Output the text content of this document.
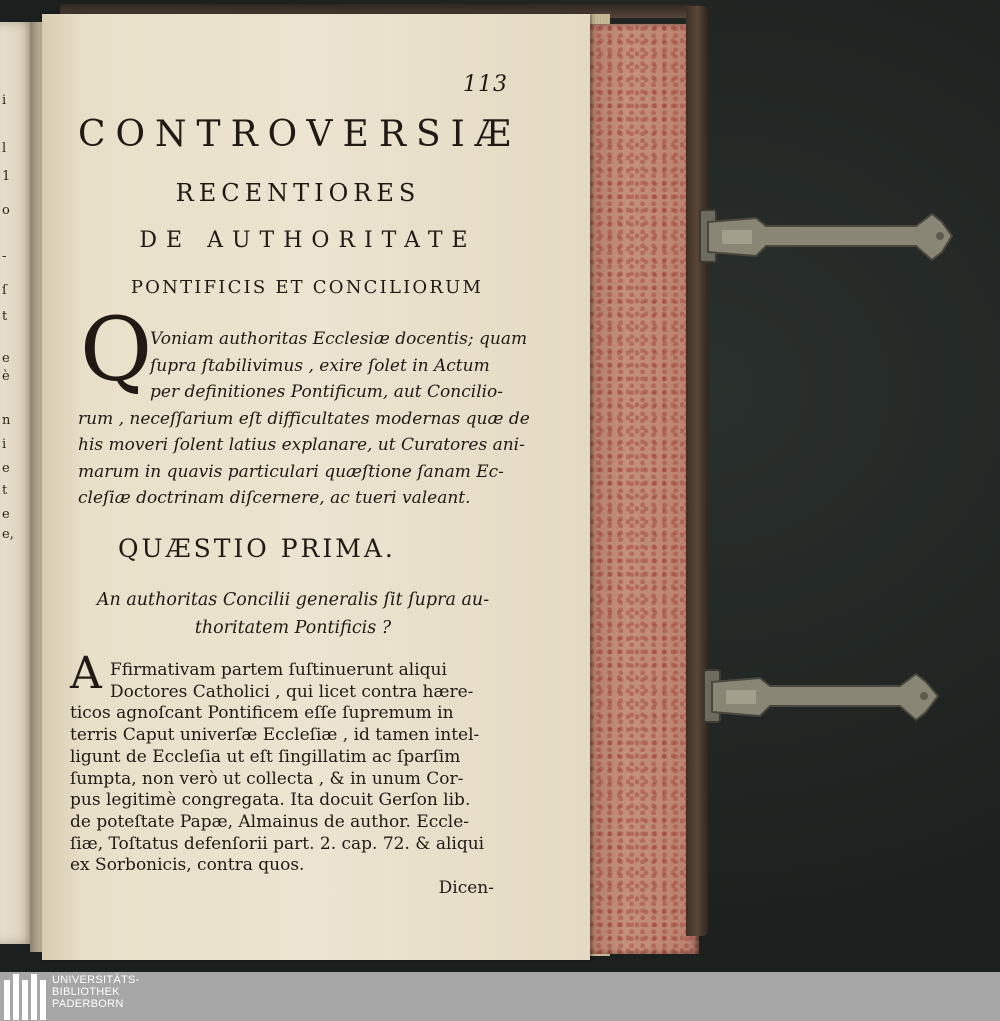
i
l
1
o
-
ſ
t
e
è
n
i
e
t
e
e,
113
CONTROVERSIÆ
RECENTIORES
DE AUTHORITATE
PONTIFICIS ET CONCILIORUM
Q
Voniam authoritas Ecclesiæ docentis; quam
ſupra ſtabilivimus , exire ſolet in Actum
per definitiones Pontificum, aut Concilio-
rum , neceſſarium eſt difficultates modernas quæ de
his moveri ſolent latius explanare, ut Curatores ani-
marum in quavis particulari quæſtione ſanam Ec-
cleſiæ doctrinam diſcernere, ac tueri valeant.
QUÆSTIO PRIMA.
An authoritas Concilii generalis ſit ſupra au-
thoritatem Pontificis ?
A Ffirmativam partem ſuſtinuerunt aliqui
Doctores Catholici , qui licet contra hære-
ticos agnoſcant Pontificem eſſe ſupremum in
terris Caput univerſæ Eccleſiæ , id tamen intel-
ligunt de Eccleſia ut eſt ſingillatim ac ſparſim
ſumpta, non verò ut collecta , & in unum Cor-
pus legitimè congregata. Ita docuit Gerſon lib.
de poteſtate Papæ, Almainus de author. Eccle-
ſiæ, Toſtatus defenſorii part. 2. cap. 72. & aliqui
ex Sorbonicis, contra quos.
Dicen-
UNIVERSITÄTS-
BIBLIOTHEK
PADERBORN
